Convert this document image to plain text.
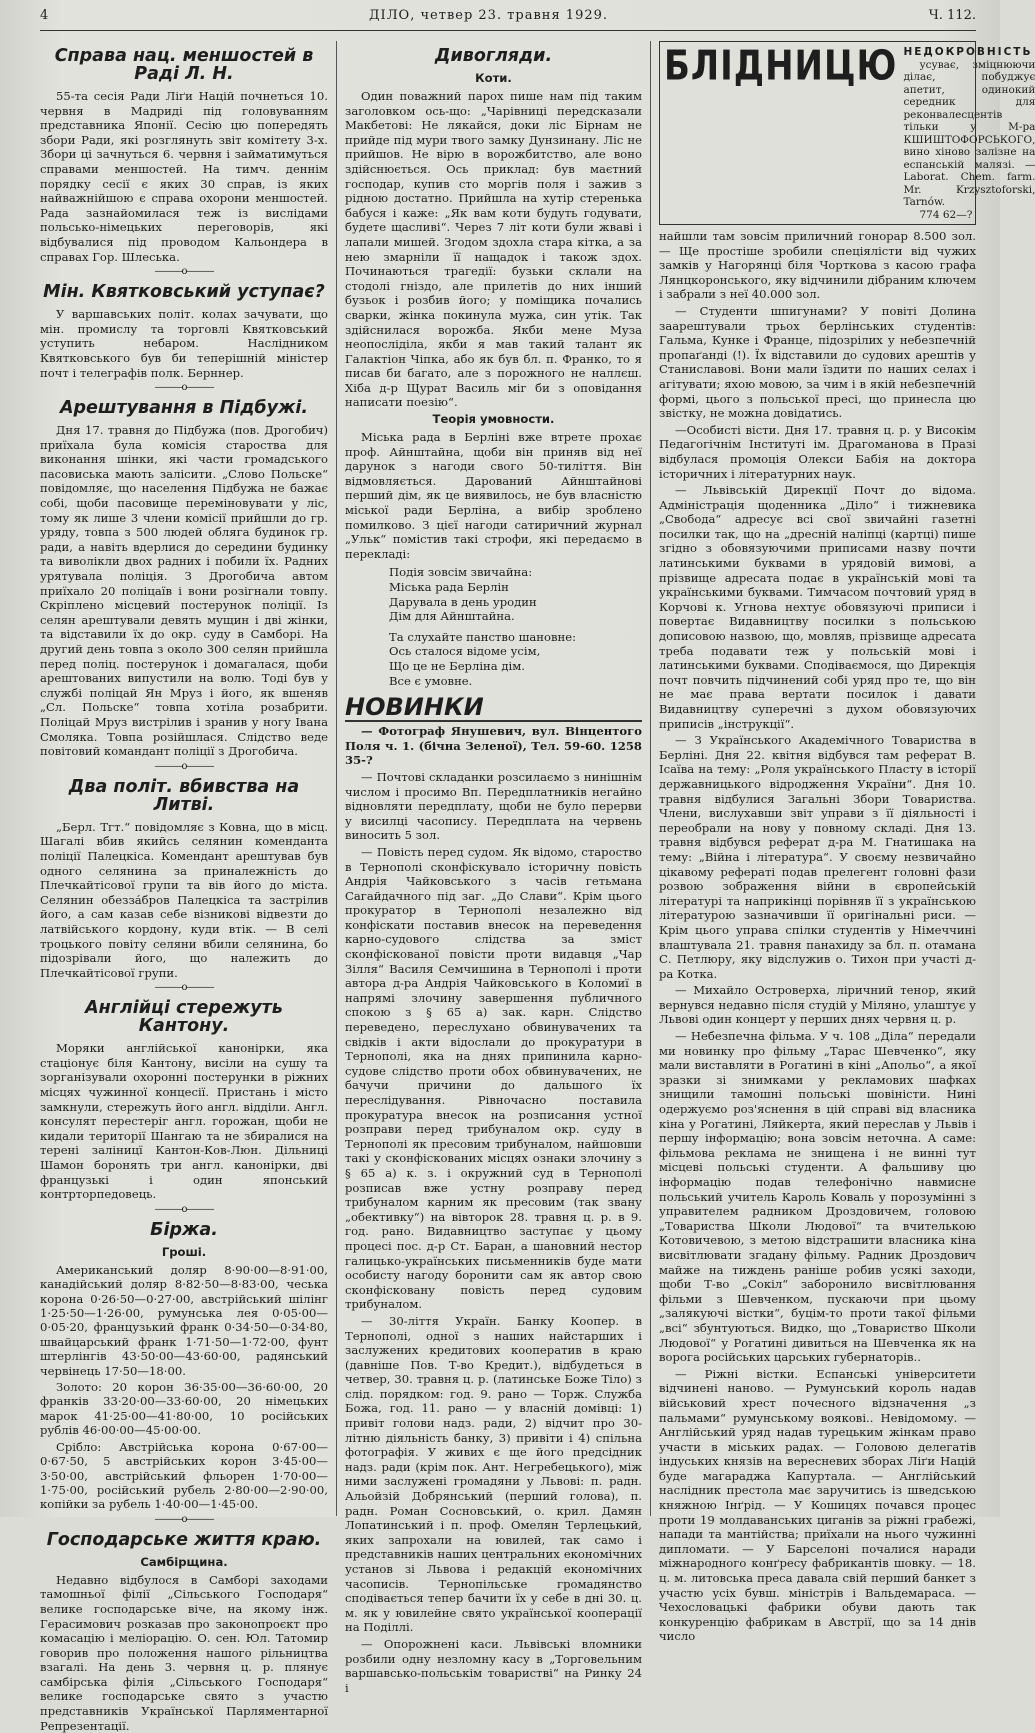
4	ДІЛО, четвер 23. травня 1929.	Ч. 112.
Справа нац. меншостей в Раді Л. Н.

55-та сесія Ради Ліґи Націй почнеться 10. червня в Мадриді під головуванням представника Японії. Сесію цю попередять збори Ради, які розглянуть звіт комітету 3-х. Збори ці зачнуться 6. червня і займатимуться справами меншостей. На тимч. деннім порядку сесії є яких 30 справ, із яких найважнійшою є справа охорони меншостей. Рада зазнайомилася теж із вислідами польсько-німецьких переговорів, які відбувалися під проводом Кальондера в справах Гор. Шлеська.

———o———
Мін. Квятковський уступає?

У варшавських політ. колах зачувати, що мін. промислу та торговлі Квятковський уступить небаром. Наслідником Квятковського був би теперішній міністер почт і телеграфів полк. Берннер.

———o———
Арештування в Підбужі.

Дня 17. травня до Підбужа (пов. Дрогобич) приїхала була комісія староства для виконання шінки, які части громадського пасовиська мають залісити. „Слово Польске“ повідомляє, що населення Підбужа не бажає собі, щоби пасовище переміновувати у ліс, тому як лише 3 члени комісії прийшли до гр. уряду, товпа з 500 людей обляга будинок гр. ради, а навіть вдерлися до середини будинку та виволікли двох радних і побили їх. Радних урятувала поліція. З Дрогобича автом приїхало 20 поліцаїв і вони розігнали товпу. Скріплено місцевий постерунок поліції. Із селян арештували девять мущин і дві жінки, та відставили їх до окр. суду в Самборі. На другий день товпа з около 300 селян прийшла перед поліц. постерунок і домагалася, щоби арештованих випустили на волю. Тоді був у службі поліцай Ян Мруз і його, як вшеняв „Сл. Польске“ товпа хотіла розабрити. Поліцай Мруз вистрілив і зранив у ногу Івана Смоляка. Товпа розійшлася. Слідство веде повітовий командант поліції з Дрогобича.

———o———
Два політ. вбивства на Литві.

„Берл. Тгт.“ повідомляє з Ковна, що в місц. Шагалі вбив якийсь селянин коменданта поліції Палецкіса. Комендант арештував був одного селянина за приналежність до Плечкайтісової групи та вів його до міста. Селянин обезза́бров Палецкіса та застрілив його, а сам казав себе візникові відвезти до латвійського кордону, куди втік. — В селі троцького повіту селяни вбили селянина, бо підозрівали його, що належить до Плечкайтісової групи.

———o———
Англійці стережуть Кантону.

Моряки англійської канонірки, яка стаціонує біля Кантону, висіли на сушу та зорганізували охоронні постерунки в ріжних місцях чужинної концесії. Пристань і місто замкнули, стережуть його англ. відділи. Англ. консулят перестеріг англ. горожан, щоби не кидали території Шангаю та не збиралися на терені заліницї Кантон-Ков-Люн. Дільниці Шамон боронять три англ. канонірки, дві французькі і один японський контрторпедовець.

———o———
Біржа.
Гроші.

Американський доляр 8·90·00—8·91·00, канадійський доляр 8·82·50—8·83·00, чеська корона 0·26·50—0·27·00, австрійський шілінг 1·25·50—1·26·00, румунська лея 0·05·00—0·05·20, французький франк 0·34·50—0·34·80, швайцарський франк 1·71·50—1·72·00, фунт штерлінгів 43·50·00—43·60·00, радянський червінець 17·50—18·00.

Золото: 20 корон 36·35·00—36·60·00, 20 франків 33·20·00—33·60·00, 20 німецьких марок 41·25·00—41·80·00, 10 російських рублів 46·00·00—45·00·00.

Срібло: Австрійська корона 0·67·00—0·67·50, 5 австрійських корон 3·45·00—3·50·00, австрійський фльорен 1·70·00—1·75·00, російський рубель 2·80·00—2·90·00, копійки за рубель 1·40·00—1·45·00.

———o———
Господарське життя краю.
Самбірщина.

Недавно відбулося в Самборі заходами тамошньої філії „Сільського Господаря“ велике господарське віче, на якому інж. Герасимович розказав про законопроєкт про комасацію і меліорацію. О. сен. Юл. Татомир говорив про положення нашого рільництва взагалі. На день 3. червня ц. р. плянує самбірська філія „Сільського Господаря“ велике господарське свято з участю представників Української Парляментарної Репрезентації.

Дивогляди.
Коти.

Один поважний парох пише нам під таким заголовком ось-що: „Чарівниці передсказали Макбетові: Не лякайся, доки ліс Бірнам не прийде під мури твого замку Дунзинану. Ліс не прийшов. Не вірю в ворожбитство, але воно здійснюється. Ось приклад: був маєтний господар, купив сто моргів поля і зажив з рідною достатно. Прийшла на хутір стеренька бабуся і каже: „Як вам коти будуть годувати, будете щасливі“. Через 7 літ коти були жваві і лапали мишей. Згодом здохла стара кітка, а за нею змарніли її нащадок і також здох. Починаються трагедії: бузьки склали на стодолі гніздо, але прилетів до них інший бузьок і розбив його; у поміщика почались сварки, жінка покинула мужа, син утік. Так здійснилася ворожба. Якби мене Муза неопосліділа, якби я мав такий талант як Галактіон Чіпка, або як був бл. п. Франко, то я писав би багато, але з порожного не наллєш. Хіба д-р Щурат Василь міг би з оповідання написати поезію“.

Теорія умовности.

Міська рада в Берліні вже втрете прохає проф. Айнштайна, щоби він приняв від неї дарунок з нагоди свого 50-тиліття. Він відмовляється. Дарований Айнштайнові перший дім, як це виявилось, не був власністю міської ради Берліна, а вибір зроблено помилково. З цієї нагоди сатиричний журнал „Ульк“ помістив такі строфи, які передаємо в перекладі:

Подія зовсім звичайна:
Міська рада Берлін
Дарувала в день уродин
Дім для Айнштайна.
Та слухайте панство шановне:
Ось сталося відоме усім,
Що це не Берліна дім.
Все є умовне.
НОВИНКИ

— Фотограф Янушевич, вул. Вінцентого Поля ч. 1. (бічна Зеленої), Тел. 59-60. 1258 35-?

— Почтові складанки розсилаємо з нинішнім числом і просимо Вп. Передплатників негайно відновляти передплату, щоби не було перерви у висилці часопису. Передплата на червень виносить 5 зол.

— Повість перед судом. Як відомо, староство в Тернополі сконфіскувало історичну повість Андрія Чайковського з часів гетьмана Сагайдачного під заг. „До Слави“. Крім цього прокуратор в Тернополі незалежно від конфіскати поставив внесок на переведення карно-судового слідства за зміст сконфіскованої повісти проти видавця „Чар Зілля“ Василя Семчишина в Тернополі і проти автора д-ра Андрія Чайковського в Коломиї в напрямі злочину завершення публичного спокою з § 65 а) зак. карн. Слідство переведено, переслухано обвинувачених та свідків і акти відослали до прокуратури в Тернополі, яка на днях припинила карно-судове слідство проти обох обвинувачених, не бачучи причини до дальшого їх переслідування. Рівночасно поставила прокуратура внесок на розписання устної розправи перед трибуналом окр. суду в Тернополі як пресовим трибуналом, найшовши такі у сконфіскованих місцях ознаки злочину з § 65 а) к. з. і окружний суд в Тернополі розписав вже устну розправу перед трибуналом карним як пресовим (так звану „обективку“) на вівторок 28. травня ц. р. в 9. год. рано. Видавництво заступає у цьому процесі пос. д-р Ст. Баран, а шановний нестор галицько-українських письменників буде мати особисту нагоду боронити сам як автор свою сконфісковану повість перед судовим трибуналом.

— 30-ліття Україн. Банку Коопер. в Тернополі, одної з наших найстарших і заслужених кредитових кооператив в краю (давніше Пов. Т-во Кредит.), відбудеться в четвер, 30. травня ц. р. (латинське Боже Тіло) з слід. порядком: год. 9. рано — Торж. Служба Божа, год. 11. рано — у власній домівці: 1) привіт голови надз. ради, 2) відчит про 30-літню діяльність банку, 3) привіти і 4) спільна фотографія. У живих є ще його предсідник надз. ради (крім пок. Ант. Негребецького), між ними заслужені громадяни у Львові: п. радн. Альойзій Добрянський (перший голова), п. радн. Роман Сосновський, о. крил. Дамян Лопатинський і п. проф. Омелян Терлецький, яких запрохали на ювилей, так само і представників наших центральних економічних установ зі Львова і редакцій економічних часописів. Тернопільське громадянство сподівається тепер бачити їх у себе в дні 30. ц. м. як у ювилейне свято української кооперації на Поділлі.

— Опорожнені каси. Львівські вломники розбили одну незломну касу в „Торговельним варшавсько-польськім товаристві“ на Ринку 24 і

БЛІДНИЦЮ НЕДОКРОВНІСТЬ

усуває, зміцнюючи ділає, побуджує апетит, одинокий середник для реконвалесцентів тільки у М-ра КШИШТОФОРСЬКОГО, вино хіново залізне на еспанській малязі. — Laborat. Chem. farm. Mr. Krzysztoforski, Tarnów.

774 62—?

найшли там зовсім приличний гонорар 8.500 зол. — Ще простіше зробили спеціялісти від чужих замків у Нагорянці біля Чорткова з касою графа Лянцкоронського, яку відчинили дібраним ключем і забрали з неї 40.000 зол.

— Студенти шпигунами? У повіті Долина заарештували трьох берлінських студентів: Гальма, Кунке і Франце, підозрілих у небезпечній пропаґанді (!). Їх відставили до судових арештів у Станиславові. Вони мали їздити по наших селах і агітувати; яхою мовою, за чим і в якій небезпечній формі, цього з польської пресі, що принесла цю звістку, не можна довідатись.

—Особисті вісти. Дня 17. травня ц. р. у Високім Педагогічнім Інституті ім. Драгоманова в Празі відбулася промоція Олекси Бабія на доктора історичних і літературних наук.

— Львівській Дирекції Почт до відома. Адміністрація щоденника „Діло“ і тижневика „Свобода“ адресує всі свої звичайні газетні посилки так, що на „дресній наліпці (картці) пише згідно з обовязуючими приписами назву почти латинськими буквами в урядовій вимові, а прізвище адресата подає в українській мові та українськими буквами. Тимчасом почтовий уряд в Корчові к. Угнова нехтує обовязуючі приписи і повертає Видавництву посилки з польською дописовою назвою, що, мовляв, прізвище адресата треба подавати теж у польській мові і латинськими буквами. Сподіваємося, що Дирекція почт повчить підчинений собі уряд про те, що він не має права вертати посилок і давати Видавництву суперечні з духом обовязуючих приписів „інструкції“.

— З Українського Академічного Товариства в Берліні. Дня 22. квітня відбувся там реферат В. Ісаїва на тему: „Роля українського Пласту в історії державницького відродження України“. Дня 10. травня відбулися Загальні Збори Товариства. Члени, вислухавши звіт управи з її діяльності і переобрали на нову у повному складі. Дня 13. травня відбувся реферат д-ра М. Гнатишака на тему: „Війна і література“. У своєму незвичайно цікавому рефераті подав прелегент головні фази розвою зображення війни в європейській літературі та наприкінці порівняв її з українською літературою зазначивши її оригінальні риси. — Крім цього управа спілки студентів у Німеччині влаштувала 21. травня панахиду за бл. п. отамана С. Петлюру, яку відслужив о. Тихон при участі д-ра Котка.

— Михайло Островерха, ліричний тенор, який вернувся недавно після студій у Міляно, улаштує у Львові один концерт у перших днях червня ц. р.

— Небезпечна фільма. У ч. 108 „Діла“ передали ми новинку про фільму „Тарас Шевченко“, яку мали виставляти в Рогатині в кіні „Апольо“, а якої зразки зі знимками у рекламових шафках знищили тамошні польські шовіністи. Нині одержуємо роз'яснення в цій справі від власника кіна у Рогатині, Ляйкерта, який переслав у Львів і першу інформацію; вона зовсім неточна. А саме: фільмова реклама не знищена і не винні тут місцеві польські студенти. А фальшиву цю інформацію подав телефонічно навмисне польський учитель Кароль Коваль у порозумінні з управителем радником Дроздовичем, головою „Товариства Школи Людової“ та вчителькою Котовичевою, з метою відстрашити власника кіна висвітлювати згадану фільму. Радник Дроздович майже на тиждень раніше робив усякі заходи, щоби Т-во „Сокіл“ заборонило висвітлювання фільми з Шевченком, пускаючи при цьому „залякуючі вістки“, буцім-то проти такої фільми „всі“ збунтуються. Видко, що „Товариство Школи Людової“ у Рогатині дивиться на Шевченка як на ворога російських царських губернаторів..

— Ріжні вістки. Еспанські університети відчинені наново. — Румунський король надав військовий хрест почесного відзначення „з пальмами“ румунському воякові.. Невідомому. — Англійський уряд надав турецьким жінкам право участи в міських радах. — Головою делегатів індуських князів на вересневих зборах Ліґи Націй буде магараджа Капуртала. — Англійський наслідник престола має заручитись із шведською княжною Інґрід. — У Кошицях почався процес проти 19 молдаванських циганів за ріжні грабежі, напади та мантійства; приїхали на нього чужинні дипломати. — У Барселоні почалися наради міжнародного конґресу фабрикантів шовку. — 18. ц. м. литовська преса давала свій перший банкет з участю усіх бувш. міністрів і Вальдемараса. — Чехословацькі фабрики обуви дають так конкуренцію фабрикам в Австрії, що за 14 днів число
